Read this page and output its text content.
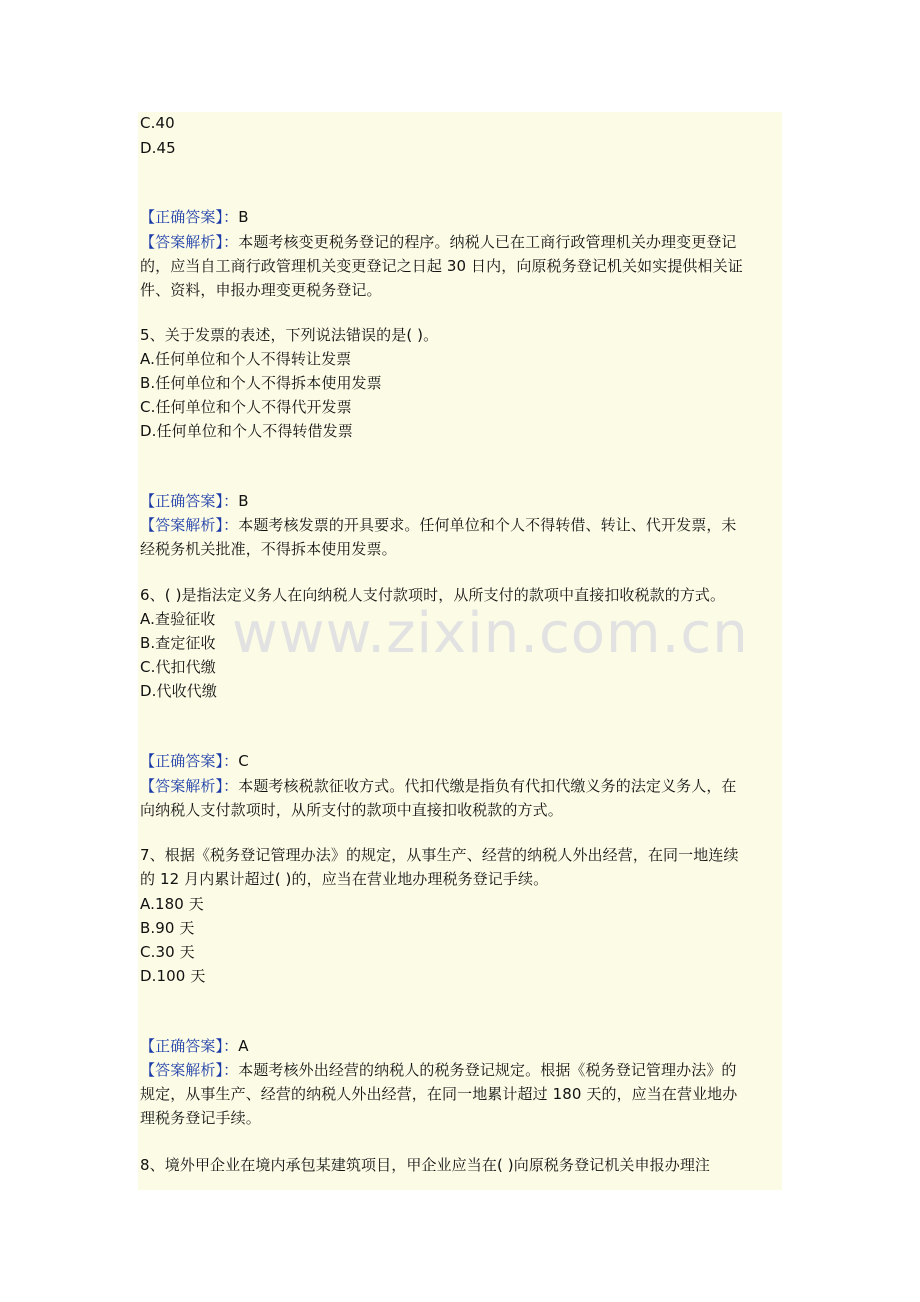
C.40
D.45
【正确答案】：B
【答案解析】：本题考核变更税务登记的程序。纳税人已在工商行政管理机关办理变更登记
的，应当自工商行政管理机关变更登记之日起 30 日内，向原税务登记机关如实提供相关证
件、资料，申报办理变更税务登记。
5、关于发票的表述，下列说法错误的是( )。
A.任何单位和个人不得转让发票
B.任何单位和个人不得拆本使用发票
C.任何单位和个人不得代开发票
D.任何单位和个人不得转借发票
【正确答案】：B
【答案解析】：本题考核发票的开具要求。任何单位和个人不得转借、转让、代开发票，未
经税务机关批准，不得拆本使用发票。
6、( )是指法定义务人在向纳税人支付款项时，从所支付的款项中直接扣收税款的方式。
A.查验征收
B.查定征收
C.代扣代缴
D.代收代缴
【正确答案】：C
【答案解析】：本题考核税款征收方式。代扣代缴是指负有代扣代缴义务的法定义务人，在
向纳税人支付款项时，从所支付的款项中直接扣收税款的方式。
7、根据《税务登记管理办法》的规定，从事生产、经营的纳税人外出经营，在同一地连续
的 12 月内累计超过( )的，应当在营业地办理税务登记手续。
A.180 天
B.90 天
C.30 天
D.100 天
【正确答案】：A
【答案解析】：本题考核外出经营的纳税人的税务登记规定。根据《税务登记管理办法》的
规定，从事生产、经营的纳税人外出经营，在同一地累计超过 180 天的，应当在营业地办
理税务登记手续。
8、境外甲企业在境内承包某建筑项目，甲企业应当在( )向原税务登记机关申报办理注
www.zixin.com.cn
